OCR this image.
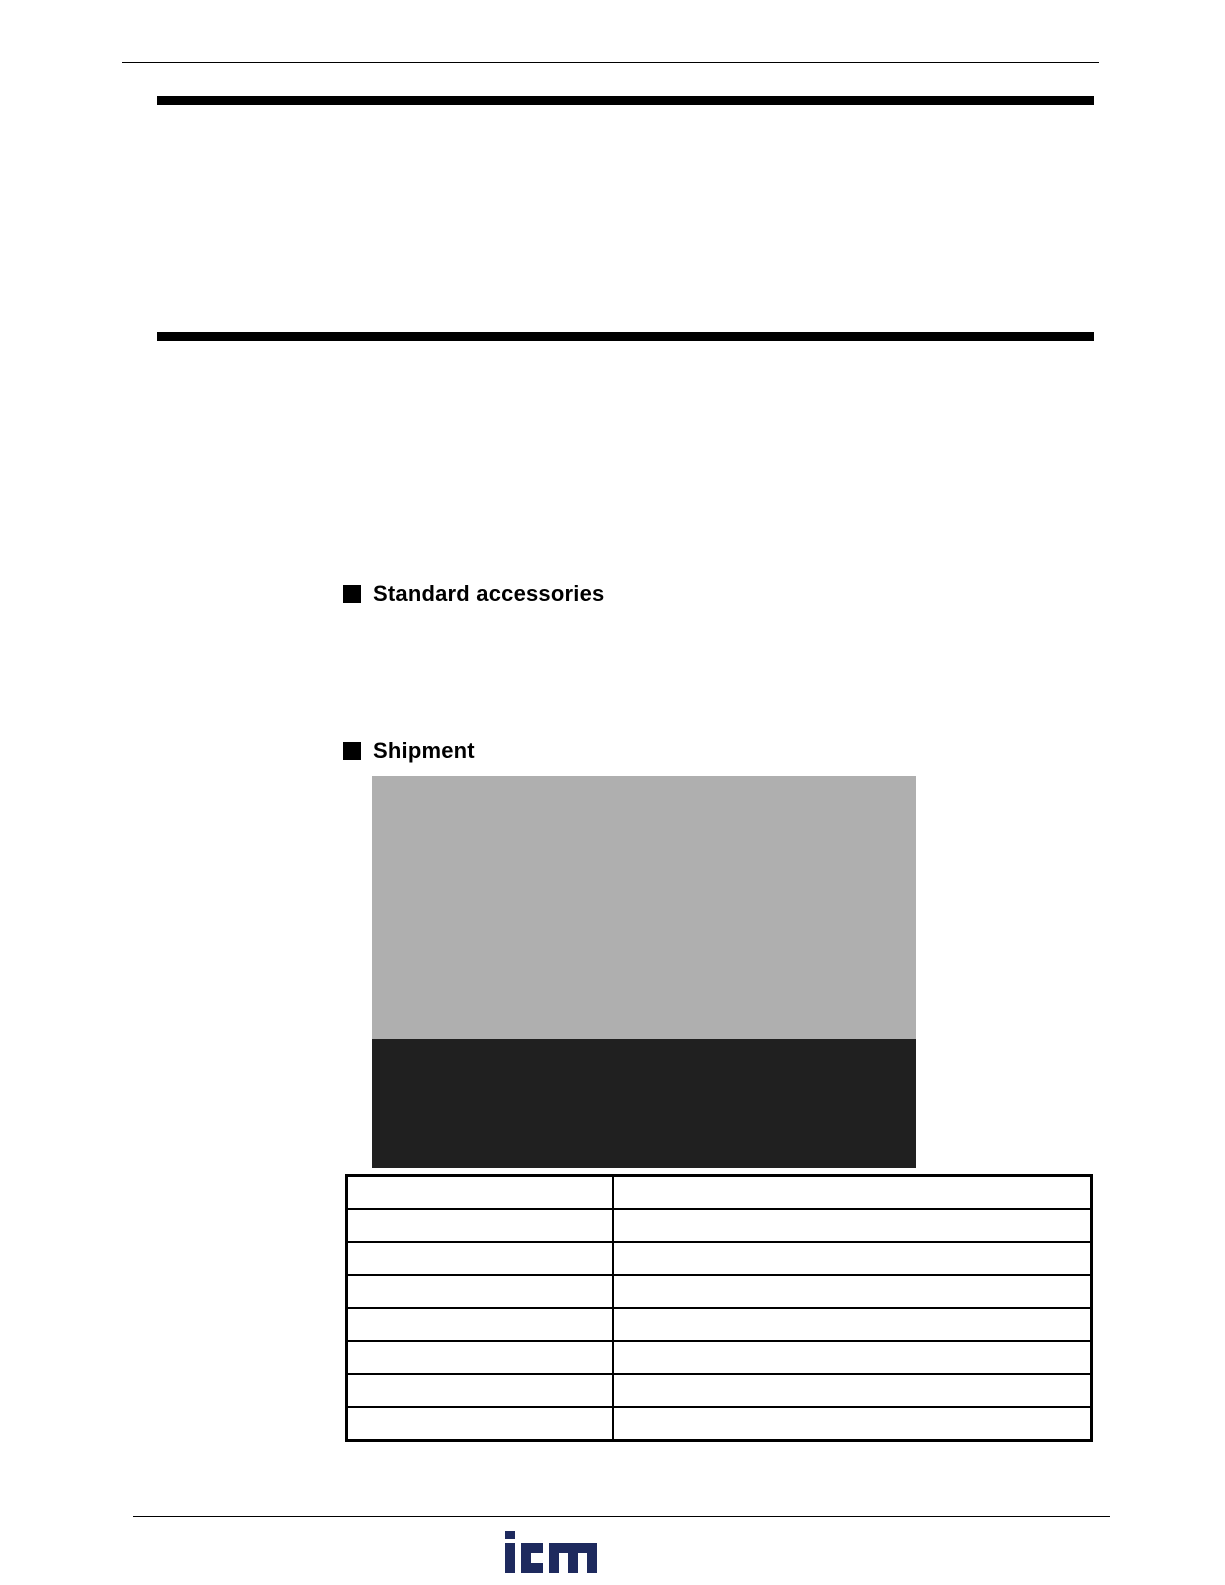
Standard accessories
Shipment
